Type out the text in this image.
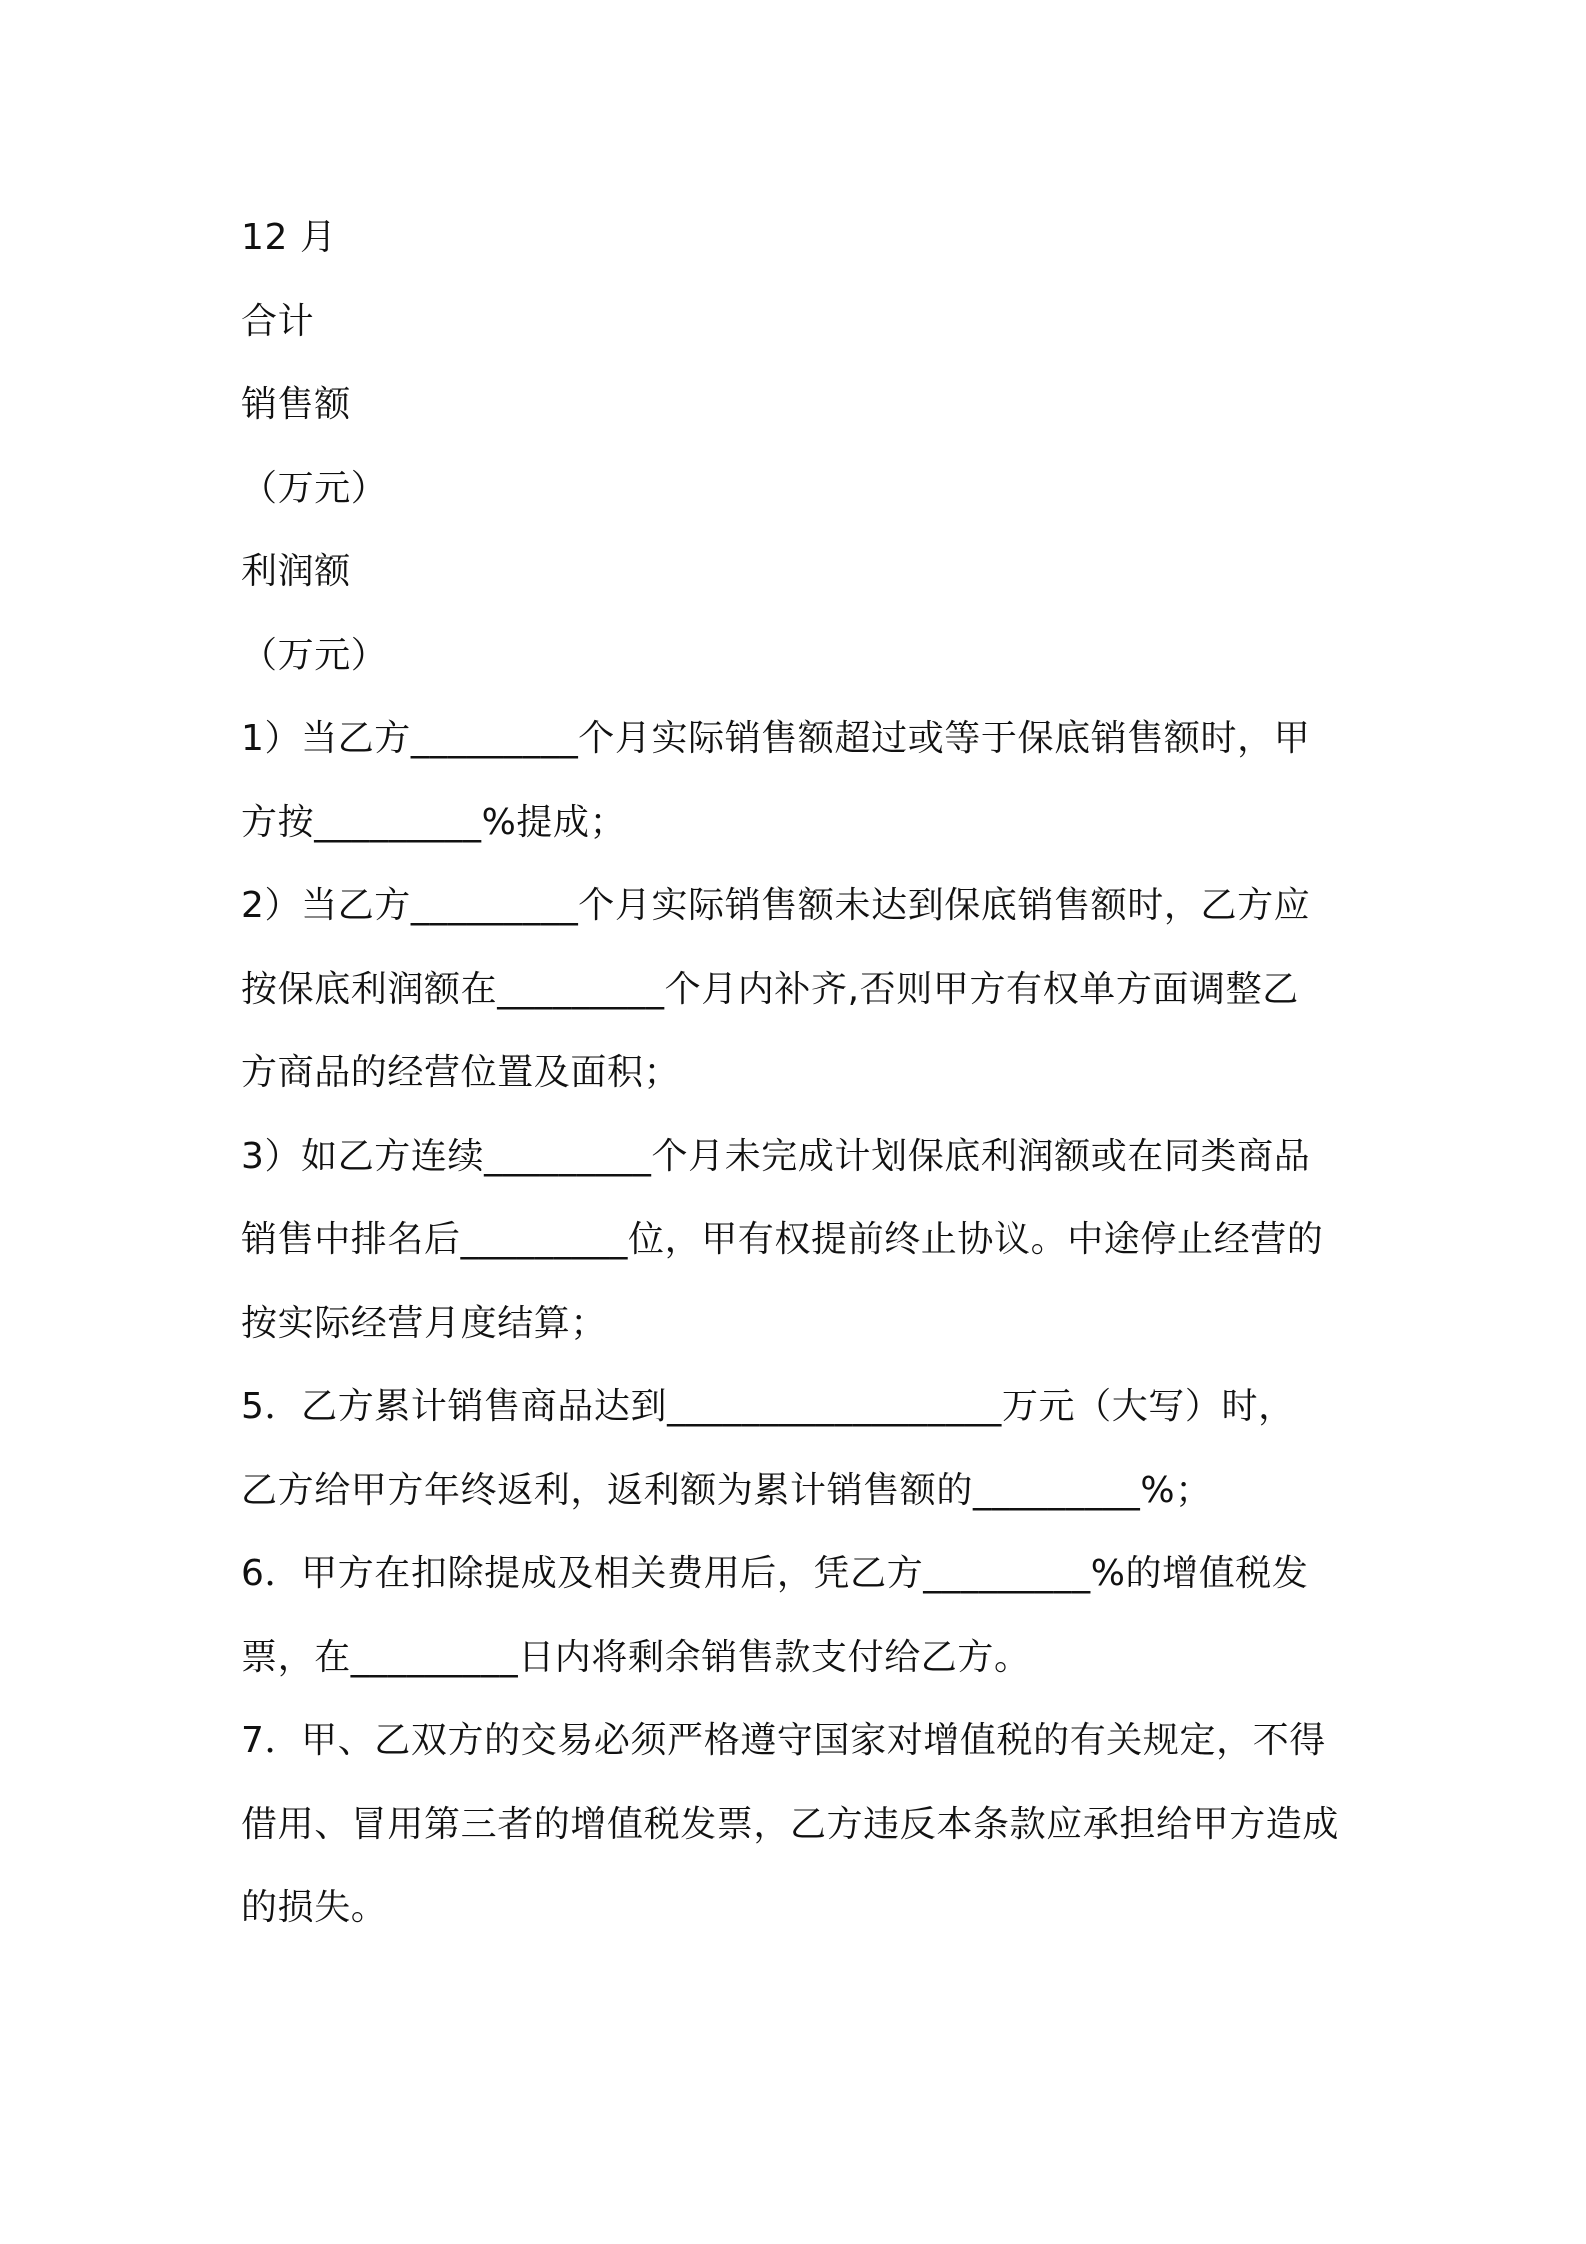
12 月

合计

销售额

（万元）

利润额

（万元）

1）当乙方_________个月实际销售额超过或等于保底销售额时，甲

方按_________%提成；

2）当乙方_________个月实际销售额未达到保底销售额时，乙方应

按保底利润额在_________个月内补齐,否则甲方有权单方面调整乙

方商品的经营位置及面积；

3）如乙方连续_________个月未完成计划保底利润额或在同类商品

销售中排名后_________位，甲有权提前终止协议。中途停止经营的

按实际经营月度结算；

5．乙方累计销售商品达到__________________万元（大写）时，

乙方给甲方年终返利，返利额为累计销售额的_________%；

6．甲方在扣除提成及相关费用后，凭乙方_________%的增值税发

票，在_________日内将剩余销售款支付给乙方。

7．甲、乙双方的交易必须严格遵守国家对增值税的有关规定，不得

借用、冒用第三者的增值税发票，乙方违反本条款应承担给甲方造成

的损失。
